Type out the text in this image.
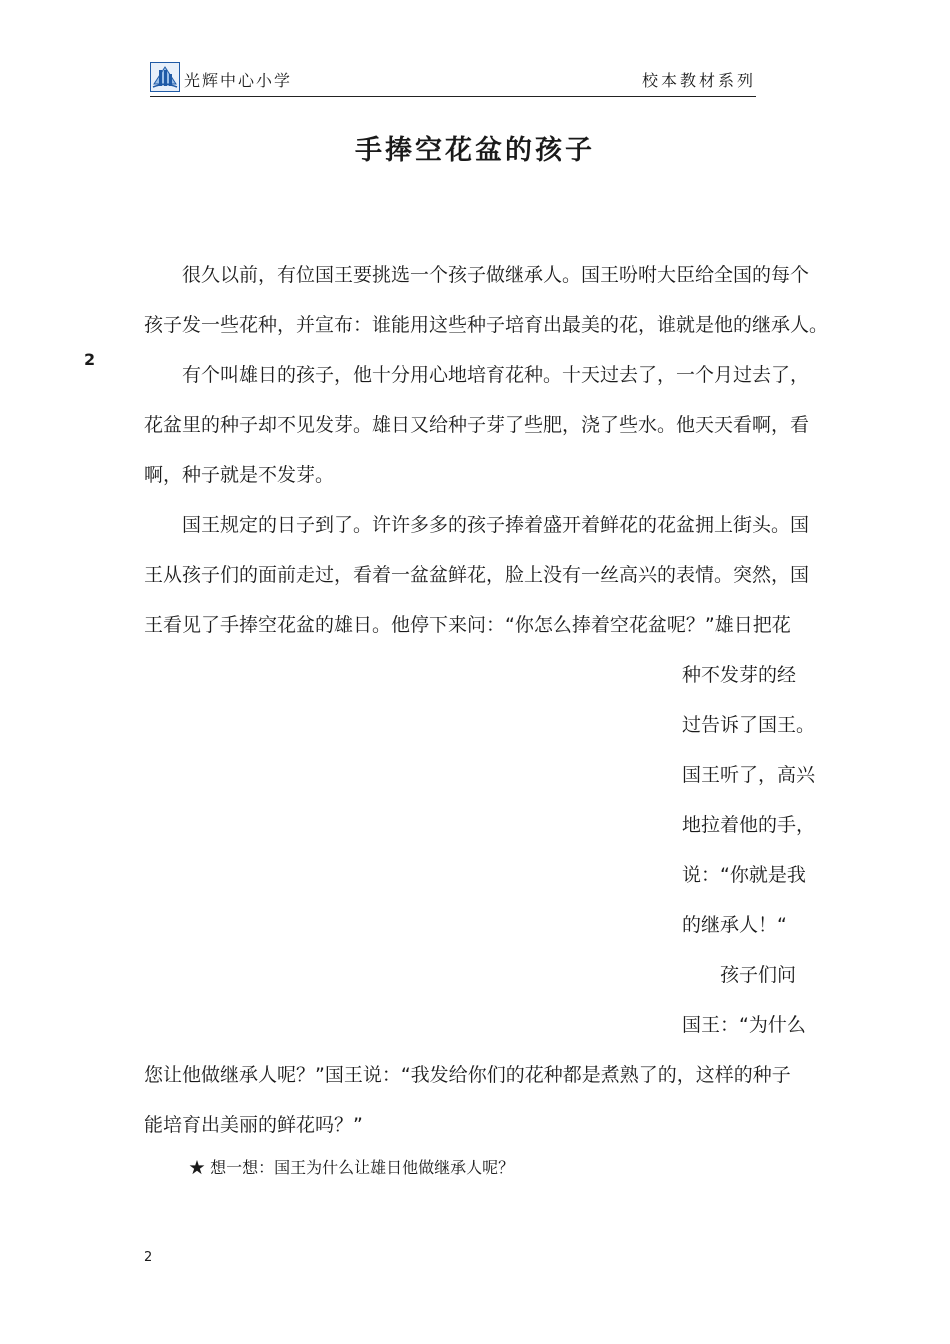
光辉中心小学	校本教材系列
手捧空花盆的孩子
2
很久以前，有位国王要挑选一个孩子做继承人。国王吩咐大臣给全国的每个
孩子发一些花种，并宣布：谁能用这些种子培育出最美的花，谁就是他的继承人。
有个叫雄日的孩子，他十分用心地培育花种。十天过去了，一个月过去了，
花盆里的种子却不见发芽。雄日又给种子芽了些肥，浇了些水。他天天看啊，看
啊，种子就是不发芽。
国王规定的日子到了。许许多多的孩子捧着盛开着鲜花的花盆拥上街头。国
王从孩子们的面前走过，看着一盆盆鲜花，脸上没有一丝高兴的表情。突然，国
王看见了手捧空花盆的雄日。他停下来问：“你怎么捧着空花盆呢？”雄日把花
种不发芽的经
过告诉了国王。
国王听了，高兴
地拉着他的手，
说：“你就是我
的继承人！“
孩子们问
国王：“为什么
您让他做继承人呢？”国王说：“我发给你们的花种都是煮熟了的，这样的种子
能培育出美丽的鲜花吗？”
★ 想一想：国王为什么让雄日他做继承人呢？
2
